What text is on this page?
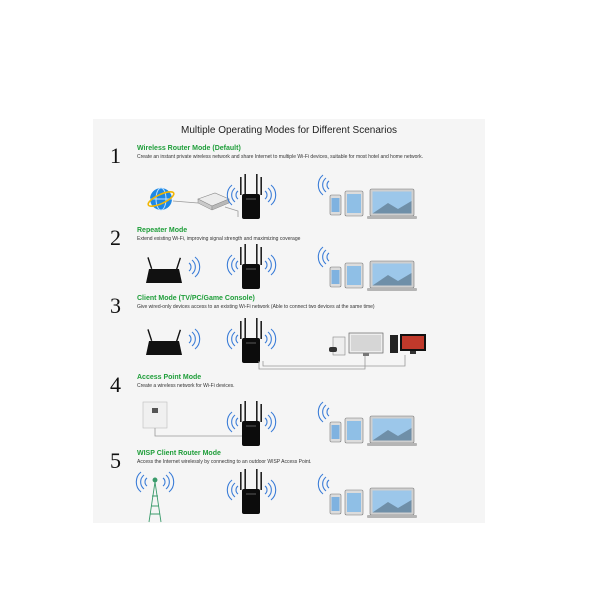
Multiple Operating Modes for Different Scenarios
1 Wireless Router Mode (Default)
Create an instant private wireless network and share Internet to multiple Wi-Fi devices, suitable for most hotel and home network.
2 Repeater Mode
Extend existing Wi-Fi, improving signal strength and maximizing coverage
3 Client Mode (TV/PC/Game Console)
Give wired-only devices access to an existing Wi-Fi network (Able to connect two devices at the same time)
4 Access Point Mode
Create a wireless network for Wi-Fi devices.
5 WISP Client Router Mode
Access the Internet wirelessly by connecting to an outdoor WISP Access Point.
